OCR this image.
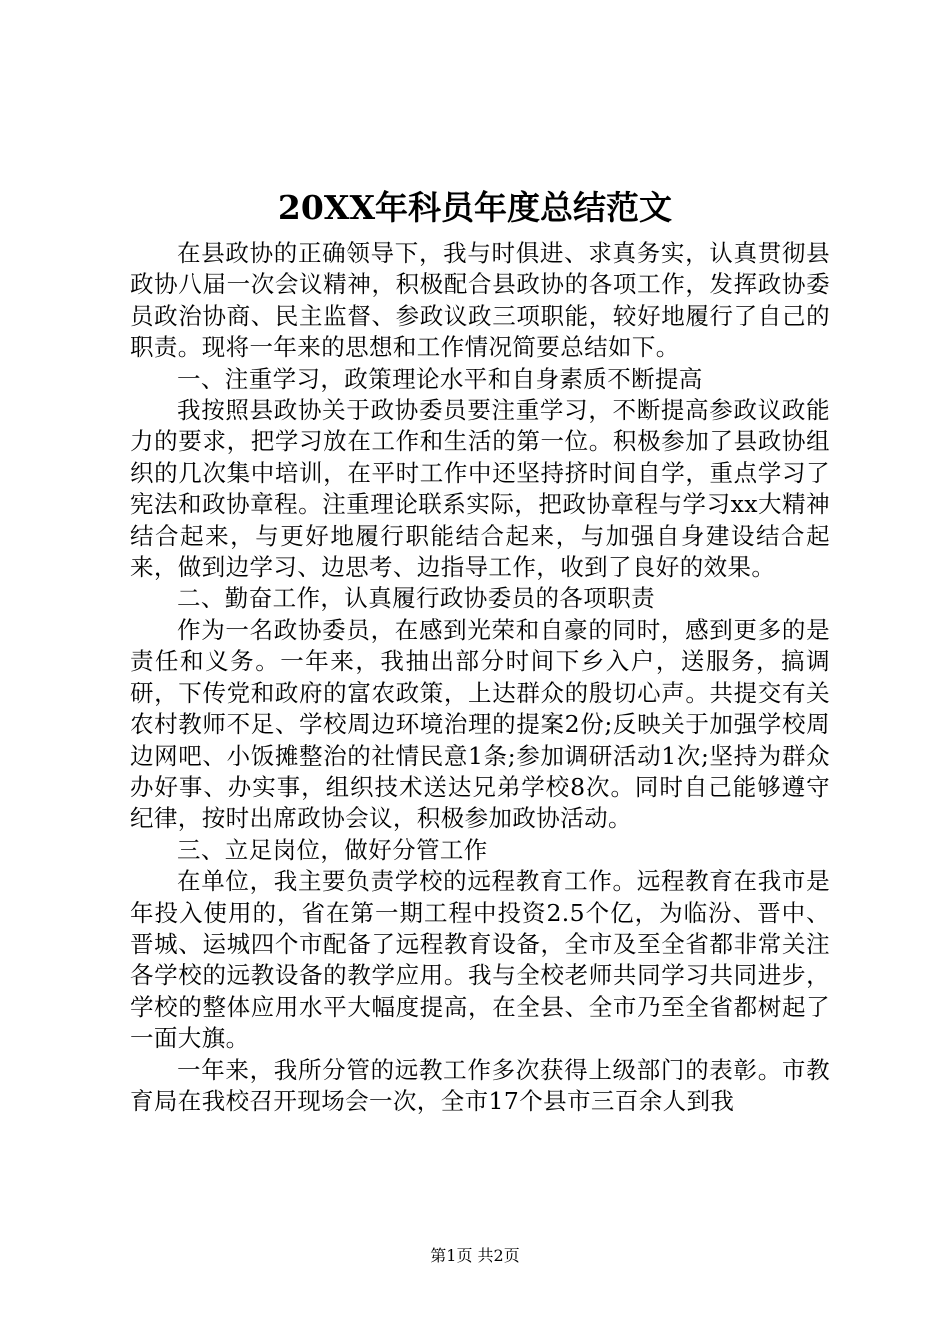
20XX年科员年度总结范文

在县政协的正确领导下，我与时俱进、求真务实，认真贯彻县政协八届一次会议精神，积极配合县政协的各项工作，发挥政协委员政治协商、民主监督、参政议政三项职能，较好地履行了自己的职责。现将一年来的思想和工作情况简要总结如下。

一、注重学习，政策理论水平和自身素质不断提高

我按照县政协关于政协委员要注重学习，不断提高参政议政能力的要求，把学习放在工作和生活的第一位。积极参加了县政协组织的几次集中培训，在平时工作中还坚持挤时间自学，重点学习了宪法和政协章程。注重理论联系实际，把政协章程与学习xx大精神结合起来，与更好地履行职能结合起来，与加强自身建设结合起来，做到边学习、边思考、边指导工作，收到了良好的效果。

二、勤奋工作，认真履行政协委员的各项职责

作为一名政协委员，在感到光荣和自豪的同时，感到更多的是责任和义务。一年来，我抽出部分时间下乡入户，送服务，搞调研，下传党和政府的富农政策，上达群众的殷切心声。共提交有关农村教师不足、学校周边环境治理的提案2份;反映关于加强学校周边网吧、小饭摊整治的社情民意1条;参加调研活动1次;坚持为群众办好事、办实事，组织技术送达兄弟学校8次。同时自己能够遵守纪律，按时出席政协会议，积极参加政协活动。

三、立足岗位，做好分管工作

在单位，我主要负责学校的远程教育工作。远程教育在我市是年投入使用的，省在第一期工程中投资2.5个亿，为临汾、晋中、晋城、运城四个市配备了远程教育设备，全市及至全省都非常关注各学校的远教设备的教学应用。我与全校老师共同学习共同进步，学校的整体应用水平大幅度提高，在全县、全市乃至全省都树起了一面大旗。

一年来，我所分管的远教工作多次获得上级部门的表彰。市教育局在我校召开现场会一次，全市17个县市三百余人到我

第1页 共2页
